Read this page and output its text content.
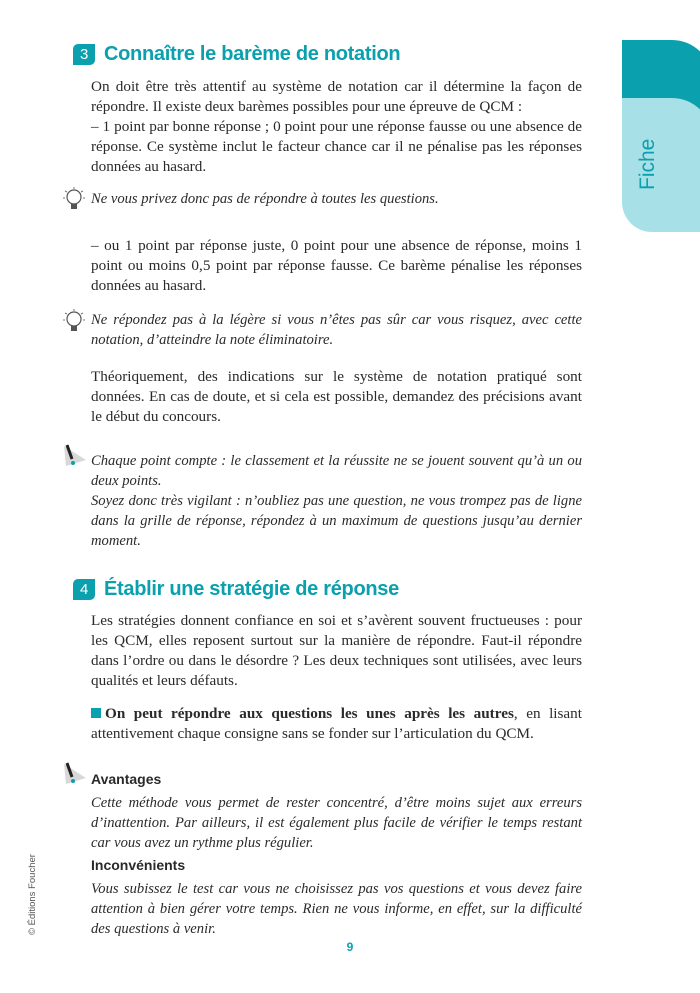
Fiche
3 Connaître le barème de notation
On doit être très attentif au système de notation car il détermine la façon de répondre. Il existe deux barèmes possibles pour une épreuve de QCM :
– 1 point par bonne réponse ; 0 point pour une réponse fausse ou une absence de réponse. Ce système inclut le facteur chance car il ne pénalise pas les réponses données au hasard.
Ne vous privez donc pas de répondre à toutes les questions.
– ou 1 point par réponse juste, 0 point pour une absence de réponse, moins 1 point ou moins 0,5 point par réponse fausse. Ce barème pénalise les réponses données au hasard.
Ne répondez pas à la légère si vous n’êtes pas sûr car vous risquez, avec cette notation, d’atteindre la note éliminatoire.
Théoriquement, des indications sur le système de notation pratiqué sont données. En cas de doute, et si cela est possible, demandez des précisions avant le début du concours.
Chaque point compte : le classement et la réussite ne se jouent souvent qu’à un ou deux points.
Soyez donc très vigilant : n’oubliez pas une question, ne vous trompez pas de ligne dans la grille de réponse, répondez à un maximum de questions jusqu’au dernier moment.
4 Établir une stratégie de réponse
Les stratégies donnent confiance en soi et s’avèrent souvent fructueuses : pour les QCM, elles reposent surtout sur la manière de répondre. Faut-il répondre dans l’ordre ou dans le désordre ? Les deux techniques sont utilisées, avec leurs qualités et leurs défauts.
On peut répondre aux questions les unes après les autres, en lisant attentivement chaque consigne sans se fonder sur l’articulation du QCM.
Avantages
Cette méthode vous permet de rester concentré, d’être moins sujet aux erreurs d’inattention. Par ailleurs, il est également plus facile de vérifier le temps restant car vous avez un rythme plus régulier.
Inconvénients
Vous subissez le test car vous ne choisissez pas vos questions et vous devez faire attention à bien gérer votre temps. Rien ne vous informe, en effet, sur la difficulté des questions à venir.
9
© Éditions Foucher
